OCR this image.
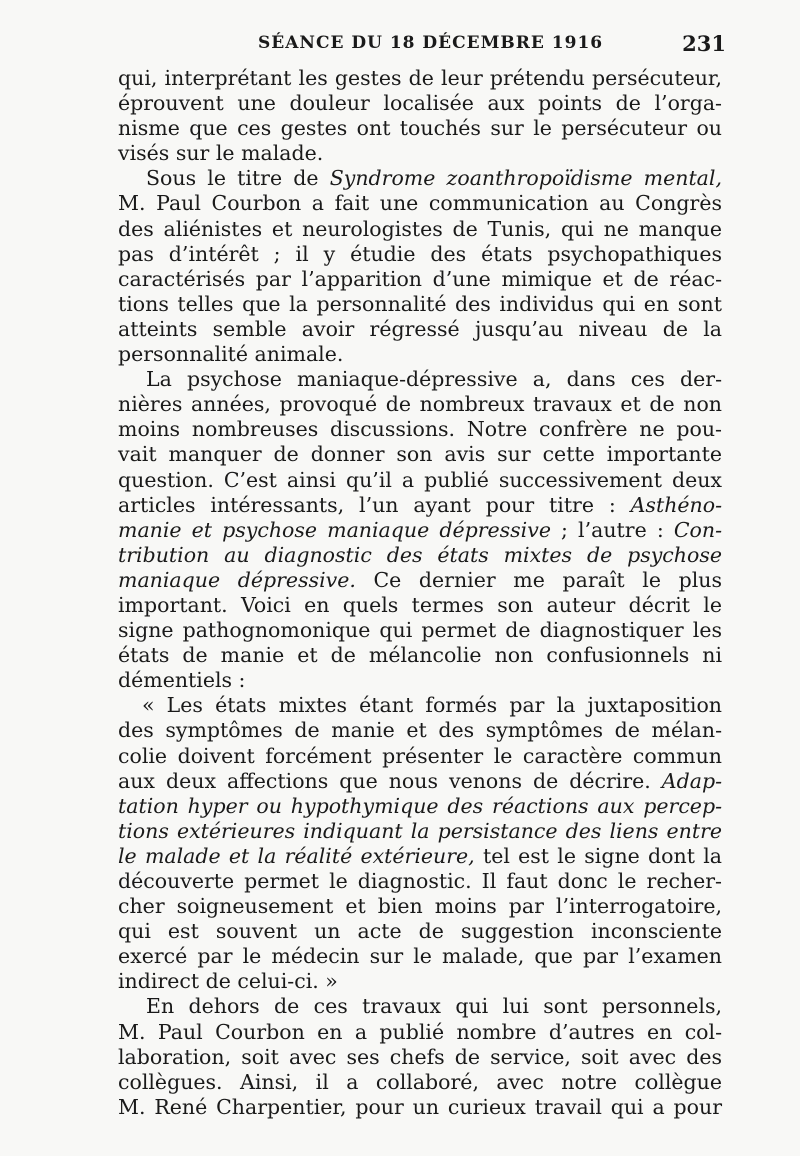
SÉANCE DU 18 DÉCEMBRE 1916	231
qui, interprétant les gestes de leur prétendu persécuteur,
éprouvent une douleur localisée aux points de l’orga-
nisme que ces gestes ont touchés sur le persécuteur ou
visés sur le malade.
Sous le titre de Syndrome zoanthropoïdisme mental,
M. Paul Courbon a fait une communication au Congrès
des aliénistes et neurologistes de Tunis, qui ne manque
pas d’intérêt ; il y étudie des états psychopathiques
caractérisés par l’apparition d’une mimique et de réac-
tions telles que la personnalité des individus qui en sont
atteints semble avoir régressé jusqu’au niveau de la
personnalité animale.
La psychose maniaque-dépressive a, dans ces der-
nières années, provoqué de nombreux travaux et de non
moins nombreuses discussions. Notre confrère ne pou-
vait manquer de donner son avis sur cette importante
question. C’est ainsi qu’il a publié successivement deux
articles intéressants, l’un ayant pour titre : Asthéno-
manie et psychose maniaque dépressive ; l’autre : Con-
tribution au diagnostic des états mixtes de psychose
maniaque dépressive. Ce dernier me paraît le plus
important. Voici en quels termes son auteur décrit le
signe pathognomonique qui permet de diagnostiquer les
états de manie et de mélancolie non confusionnels ni
démentiels :
« Les états mixtes étant formés par la juxtaposition
des symptômes de manie et des symptômes de mélan-
colie doivent forcément présenter le caractère commun
aux deux affections que nous venons de décrire. Adap-
tation hyper ou hypothymique des réactions aux percep-
tions extérieures indiquant la persistance des liens entre
le malade et la réalité extérieure, tel est le signe dont la
découverte permet le diagnostic. Il faut donc le recher-
cher soigneusement et bien moins par l’interrogatoire,
qui est souvent un acte de suggestion inconsciente
exercé par le médecin sur le malade, que par l’examen
indirect de celui-ci. »
En dehors de ces travaux qui lui sont personnels,
M. Paul Courbon en a publié nombre d’autres en col-
laboration, soit avec ses chefs de service, soit avec des
collègues. Ainsi, il a collaboré, avec notre collègue
M. René Charpentier, pour un curieux travail qui a pour
